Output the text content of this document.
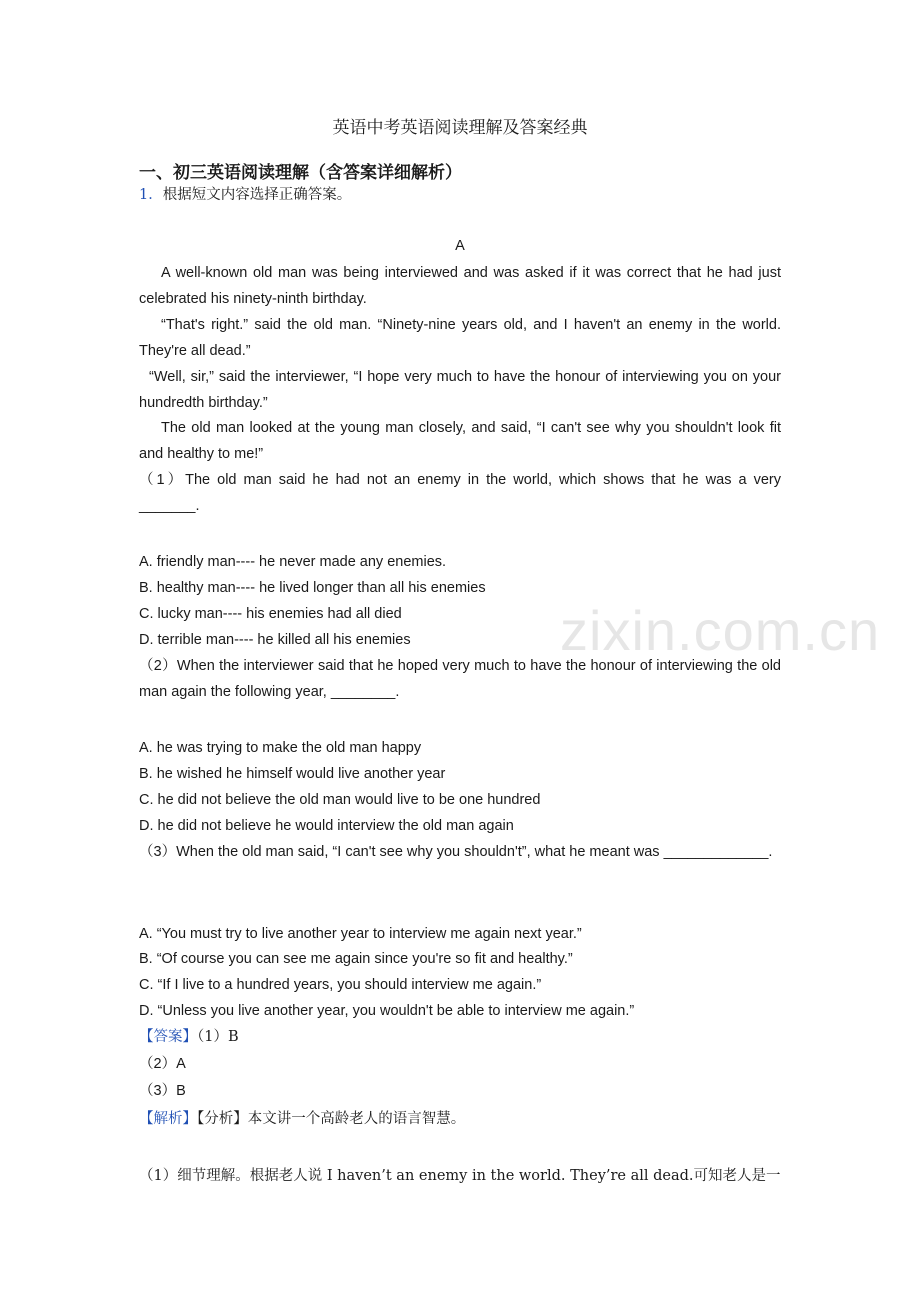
zixin.com.cn
英语中考英语阅读理解及答案经典
一、初三英语阅读理解（含答案详细解析）
1．根据短文内容选择正确答案。
A
A well-known old man was being interviewed and was asked if it was correct that he had just celebrated his ninety-ninth birthday.
“That's right.” said the old man. “Ninety-nine years old, and I haven't an enemy in the world. They're all dead.”
“Well, sir,” said the interviewer, “I hope very much to have the honour of interviewing you on your hundredth birthday.”
The old man looked at the young man closely, and said, “I can't see why you shouldn't look fit and healthy to me!”
（1）The old man said he had not an enemy in the world, which shows that he was a very _______.
A. friendly man---- he never made any enemies.
B. healthy man---- he lived longer than all his enemies
C. lucky man---- his enemies had all died
D. terrible man---- he killed all his enemies
（2）When the interviewer said that he hoped very much to have the honour of interviewing the old man again the following year, ________.
A. he was trying to make the old man happy
B. he wished he himself would live another year
C. he did not believe the old man would live to be one hundred
D. he did not believe he would interview the old man again
（3）When the old man said, “I can't see why you shouldn't”, what he meant was _____________.
A. “You must try to live another year to interview me again next year.”
B. “Of course you can see me again since you're so fit and healthy.”
C. “If I live to a hundred years, you should interview me again.”
D. “Unless you live another year, you wouldn't be able to interview me again.”
【答案】（1）B
（2）A
（3）B
【解析】【分析】本文讲一个高龄老人的语言智慧。
（1）细节理解。根据老人说 I haven’t an enemy in the world. They’re all dead.可知老人是一
